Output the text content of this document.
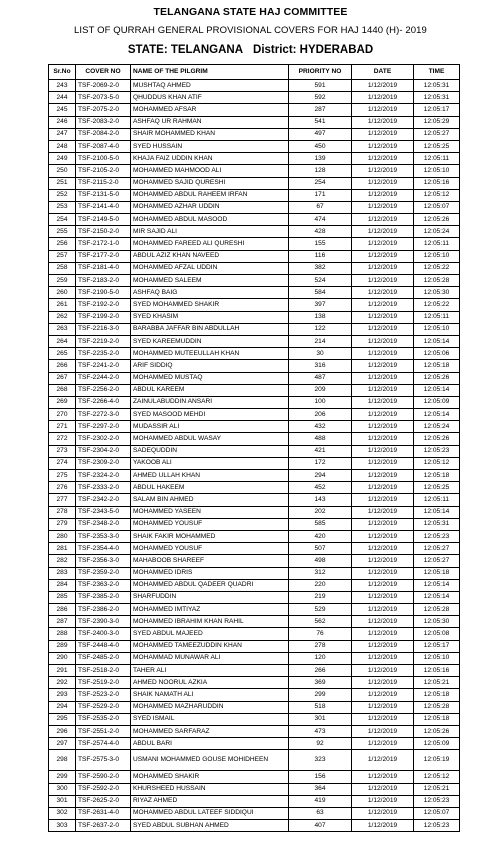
TELANGANA STATE HAJ COMMITTEE
LIST OF QURRAH GENERAL PROVISIONAL COVERS FOR HAJ 1440 (H)- 2019
STATE: TELANGANA District: HYDERABAD
Sr.No	COVER NO	NAME OF THE PILGRIM	PRIORITY NO	DATE	TIME
243	TSF-2069-2-0	MUSHTAQ AHMED	591	1/12/2019	12:05:31
244	TSF-2073-5-0	QHUDDUS KHAN ATIF	592	1/12/2019	12:05:31
245	TSF-2075-2-0	MOHAMMED AFSAR	287	1/12/2019	12:05:17
246	TSF-2083-2-0	ASHFAQ UR RAHMAN	541	1/12/2019	12:05:29
247	TSF-2084-2-0	SHAIR MOHAMMED KHAN	497	1/12/2019	12:05:27
248	TSF-2087-4-0	SYED HUSSAIN	450	1/12/2019	12:05:25
249	TSF-2100-5-0	KHAJA FAIZ UDDIN KHAN	139	1/12/2019	12:05:11
250	TSF-2105-2-0	MOHAMMED MAHMOOD ALI	128	1/12/2019	12:05:10
251	TSF-2115-2-0	MOHAMMED SAJID QURESHI	254	1/12/2019	12:05:16
252	TSF-2131-5-0	MOHAMMED ABDUL RAHEEM IRFAN	171	1/12/2019	12:05:12
253	TSF-2141-4-0	MOHAMMED AZHAR UDDIN	67	1/12/2019	12:05:07
254	TSF-2149-5-0	MOHAMMED ABDUL MASOOD	474	1/12/2019	12:05:26
255	TSF-2150-2-0	MIR SAJID ALI	428	1/12/2019	12:05:24
256	TSF-2172-1-0	MOHAMMED FAREED ALI QURESHI	155	1/12/2019	12:05:11
257	TSF-2177-2-0	ABDUL AZIZ KHAN NAVEED	116	1/12/2019	12:05:10
258	TSF-2181-4-0	MOHAMMED AFZAL UDDIN	382	1/12/2019	12:05:22
259	TSF-2183-2-0	MOHAMMED SALEEM	524	1/12/2019	12:05:28
260	TSF-2190-5-0	ASHFAQ BAIG	584	1/12/2019	12:05:30
261	TSF-2192-2-0	SYED MOHAMMED SHAKIR	397	1/12/2019	12:05:22
262	TSF-2199-2-0	SYED KHASIM	138	1/12/2019	12:05:11
263	TSF-2216-3-0	BARABBA JAFFAR BIN ABDULLAH	122	1/12/2019	12:05:10
264	TSF-2219-2-0	SYED KAREEMUDDIN	214	1/12/2019	12:05:14
265	TSF-2235-2-0	MOHAMMED MUTEEULLAH KHAN	30	1/12/2019	12:05:06
266	TSF-2241-2-0	ARIF SIDDIQ	316	1/12/2019	12:05:18
267	TSF-2244-2-0	MOHAMMED MUSTAQ	487	1/12/2019	12:05:26
268	TSF-2256-2-0	ABDUL KAREEM	209	1/12/2019	12:05:14
269	TSF-2266-4-0	ZAINULABUDDIN ANSARI	100	1/12/2019	12:05:09
270	TSF-2272-3-0	SYED MASOOD MEHDI	206	1/12/2019	12:05:14
271	TSF-2297-2-0	MUDASSIR ALI	432	1/12/2019	12:05:24
272	TSF-2302-2-0	MOHAMMED ABDUL WASAY	488	1/12/2019	12:05:26
273	TSF-2304-2-0	SADEQUDDIN	421	1/12/2019	12:05:23
274	TSF-2309-2-0	YAKOOB ALI	172	1/12/2019	12:05:12
275	TSF-2324-2-0	AHMED ULLAH KHAN	294	1/12/2019	12:05:18
276	TSF-2333-2-0	ABDUL HAKEEM	452	1/12/2019	12:05:25
277	TSF-2342-2-0	SALAM BIN AHMED	143	1/12/2019	12:05:11
278	TSF-2343-5-0	MOHAMMED YASEEN	202	1/12/2019	12:05:14
279	TSF-2348-2-0	MOHAMMED YOUSUF	585	1/12/2019	12:05:31
280	TSF-2353-3-0	SHAIK FAKIR MOHAMMED	420	1/12/2019	12:05:23
281	TSF-2354-4-0	MOHAMMED YOUSUF	507	1/12/2019	12:05:27
282	TSF-2356-3-0	MAHABOOB SHAREEF	498	1/12/2019	12:05:27
283	TSF-2359-2-0	MOHAMMED IDRIS	312	1/12/2019	12:05:18
284	TSF-2363-2-0	MOHAMMED ABDUL QADEER QUADRI	220	1/12/2019	12:05:14
285	TSF-2385-2-0	SHARFUDDIN	219	1/12/2019	12:05:14
286	TSF-2386-2-0	MOHAMMED IMTIYAZ	529	1/12/2019	12:05:28
287	TSF-2390-3-0	MOHAMMED IBRAHIM KHAN RAHIL	562	1/12/2019	12:05:30
288	TSF-2400-3-0	SYED ABDUL MAJEED	76	1/12/2019	12:05:08
289	TSF-2448-4-0	MOHAMMED TAMEEZUDDIN KHAN	278	1/12/2019	12:05:17
290	TSF-2485-2-0	MOHAMMAD MUNAWAR ALI	120	1/12/2019	12:05:10
291	TSF-2518-2-0	TAHER ALI	266	1/12/2019	12:05:16
292	TSF-2519-2-0	AHMED NOORUL AZKIA	369	1/12/2019	12:05:21
293	TSF-2523-2-0	SHAIK NAMATH ALI	299	1/12/2019	12:05:18
294	TSF-2529-2-0	MOHAMMED MAZHARUDDIN	518	1/12/2019	12:05:28
295	TSF-2535-2-0	SYED ISMAIL	301	1/12/2019	12:05:18
296	TSF-2551-2-0	MOHAMMED SARFARAZ	473	1/12/2019	12:05:26
297	TSF-2574-4-0	ABDUL BARI	92	1/12/2019	12:05:09
298	TSF-2575-3-0	USMANI MOHAMMED GOUSE MOHIDHEEN	323	1/12/2019	12:05:19
299	TSF-2590-2-0	MOHAMMED SHAKIR	156	1/12/2019	12:05:12
300	TSF-2592-2-0	KHURSHEED HUSSAIN	364	1/12/2019	12:05:21
301	TSF-2625-2-0	RIYAZ AHMED	419	1/12/2019	12:05:23
302	TSF-2631-4-0	MOHAMMED ABDUL LATEEF SIDDIQUI	63	1/12/2019	12:05:07
303	TSF-2637-2-0	SYED ABDUL SUBHAN AHMED	407	1/12/2019	12:05:23
